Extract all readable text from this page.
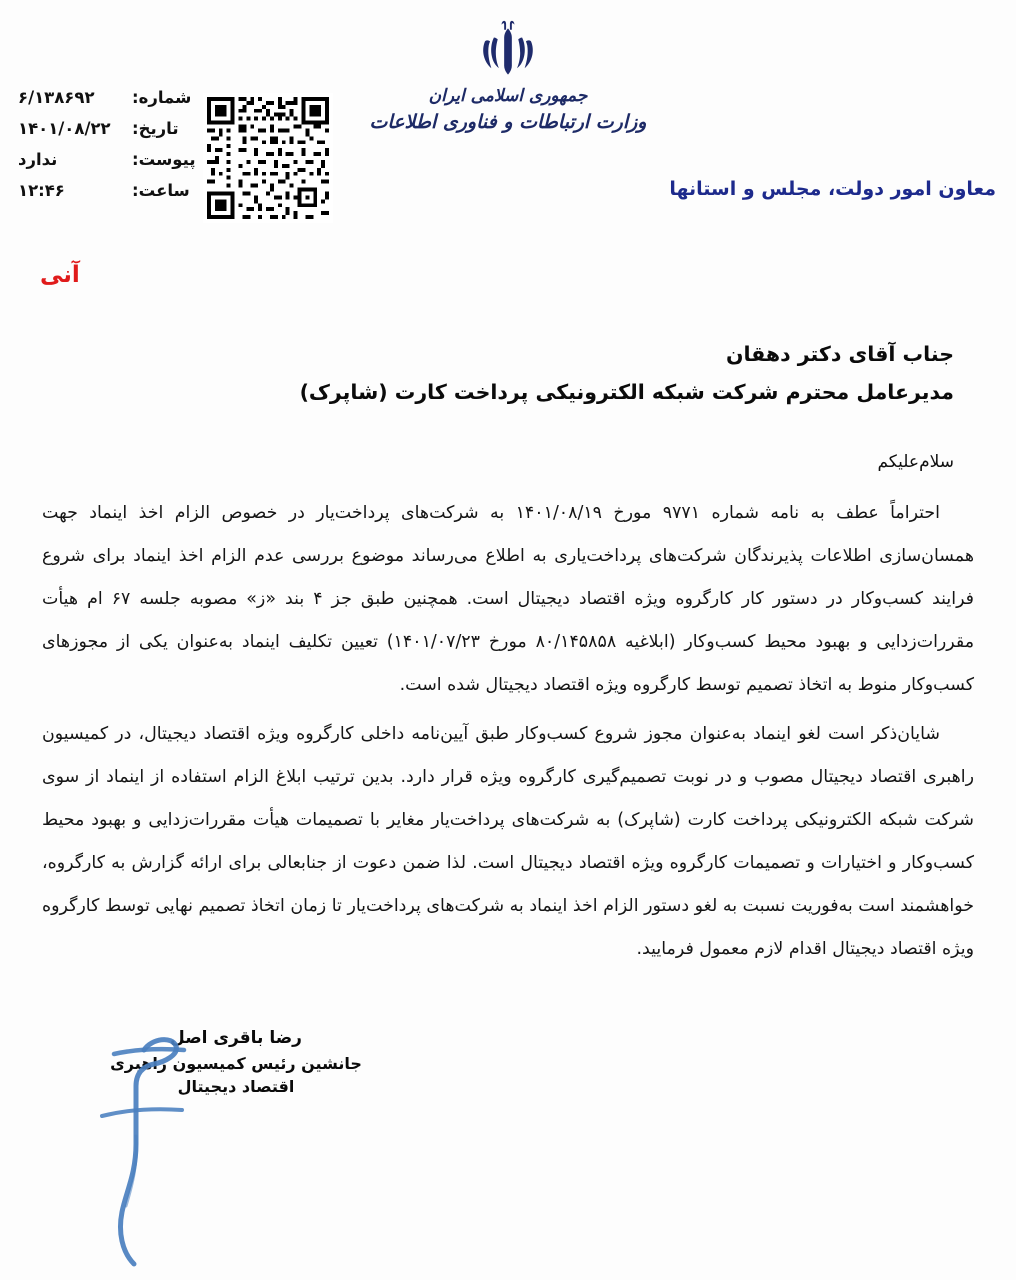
شماره:
۶/۱۳۸۶۹۲
تاریخ:
۱۴۰۱/۰۸/۲۲
پیوست:
ندارد
ساعت:
۱۲:۴۶
جمهوری اسلامی ایران
وزارت ارتباطات و فناوری اطلاعات
معاون امور دولت، مجلس و استانها
آنی
جناب آقای دکتر دهقان
مدیرعامل محترم شرکت شبکه الکترونیکی پرداخت کارت (شاپرک)
سلام‌علیکم

احتراماً عطف به نامه شماره ۹۷۷۱ مورخ ۱۴۰۱/۰۸/۱۹ به شرکت‌های پرداخت‌یار در خصوص الزام اخذ اینماد جهت همسان‌سازی اطلاعات پذیرندگان شرکت‌های پرداخت‌یاری به اطلاع می‌رساند موضوع بررسی عدم الزام اخذ اینماد برای شروع فرایند کسب‌وکار در دستور کار کارگروه ویژه اقتصاد دیجیتال است. همچنین طبق جز ۴ بند «ز» مصوبه جلسه ۶۷ ام هیأت مقررات‌زدایی و بهبود محیط کسب‌وکار (ابلاغیه ۸۰/۱۴۵۸۵۸ مورخ ۱۴۰۱/۰۷/۲۳) تعیین تکلیف اینماد به‌عنوان یکی از مجوزهای کسب‌وکار منوط به اتخاذ تصمیم توسط کارگروه ویژه اقتصاد دیجیتال شده است.

شایان‌ذکر است لغو اینماد به‌عنوان مجوز شروع کسب‌وکار طبق آیین‌نامه داخلی کارگروه ویژه اقتصاد دیجیتال، در کمیسیون راهبری اقتصاد دیجیتال مصوب و در نوبت تصمیم‌گیری کارگروه ویژه قرار دارد. بدین ترتیب ابلاغ الزام استفاده از اینماد از سوی شرکت شبکه الکترونیکی پرداخت کارت (شاپرک) به شرکت‌های پرداخت‌یار مغایر با تصمیمات هیأت مقررات‌زدایی و بهبود محیط کسب‌وکار و اختیارات و تصمیمات کارگروه ویژه اقتصاد دیجیتال است. لذا ضمن دعوت از جنابعالی برای ارائه گزارش به کارگروه، خواهشمند است به‌فوریت نسبت به لغو دستور الزام اخذ اینماد به شرکت‌های پرداخت‌یار تا زمان اتخاذ تصمیم نهایی توسط کارگروه ویژه اقتصاد دیجیتال اقدام لازم معمول فرمایید.

رضا باقری اصل
جانشین رئیس کمیسیون راهبری
اقتصاد دیجیتال
